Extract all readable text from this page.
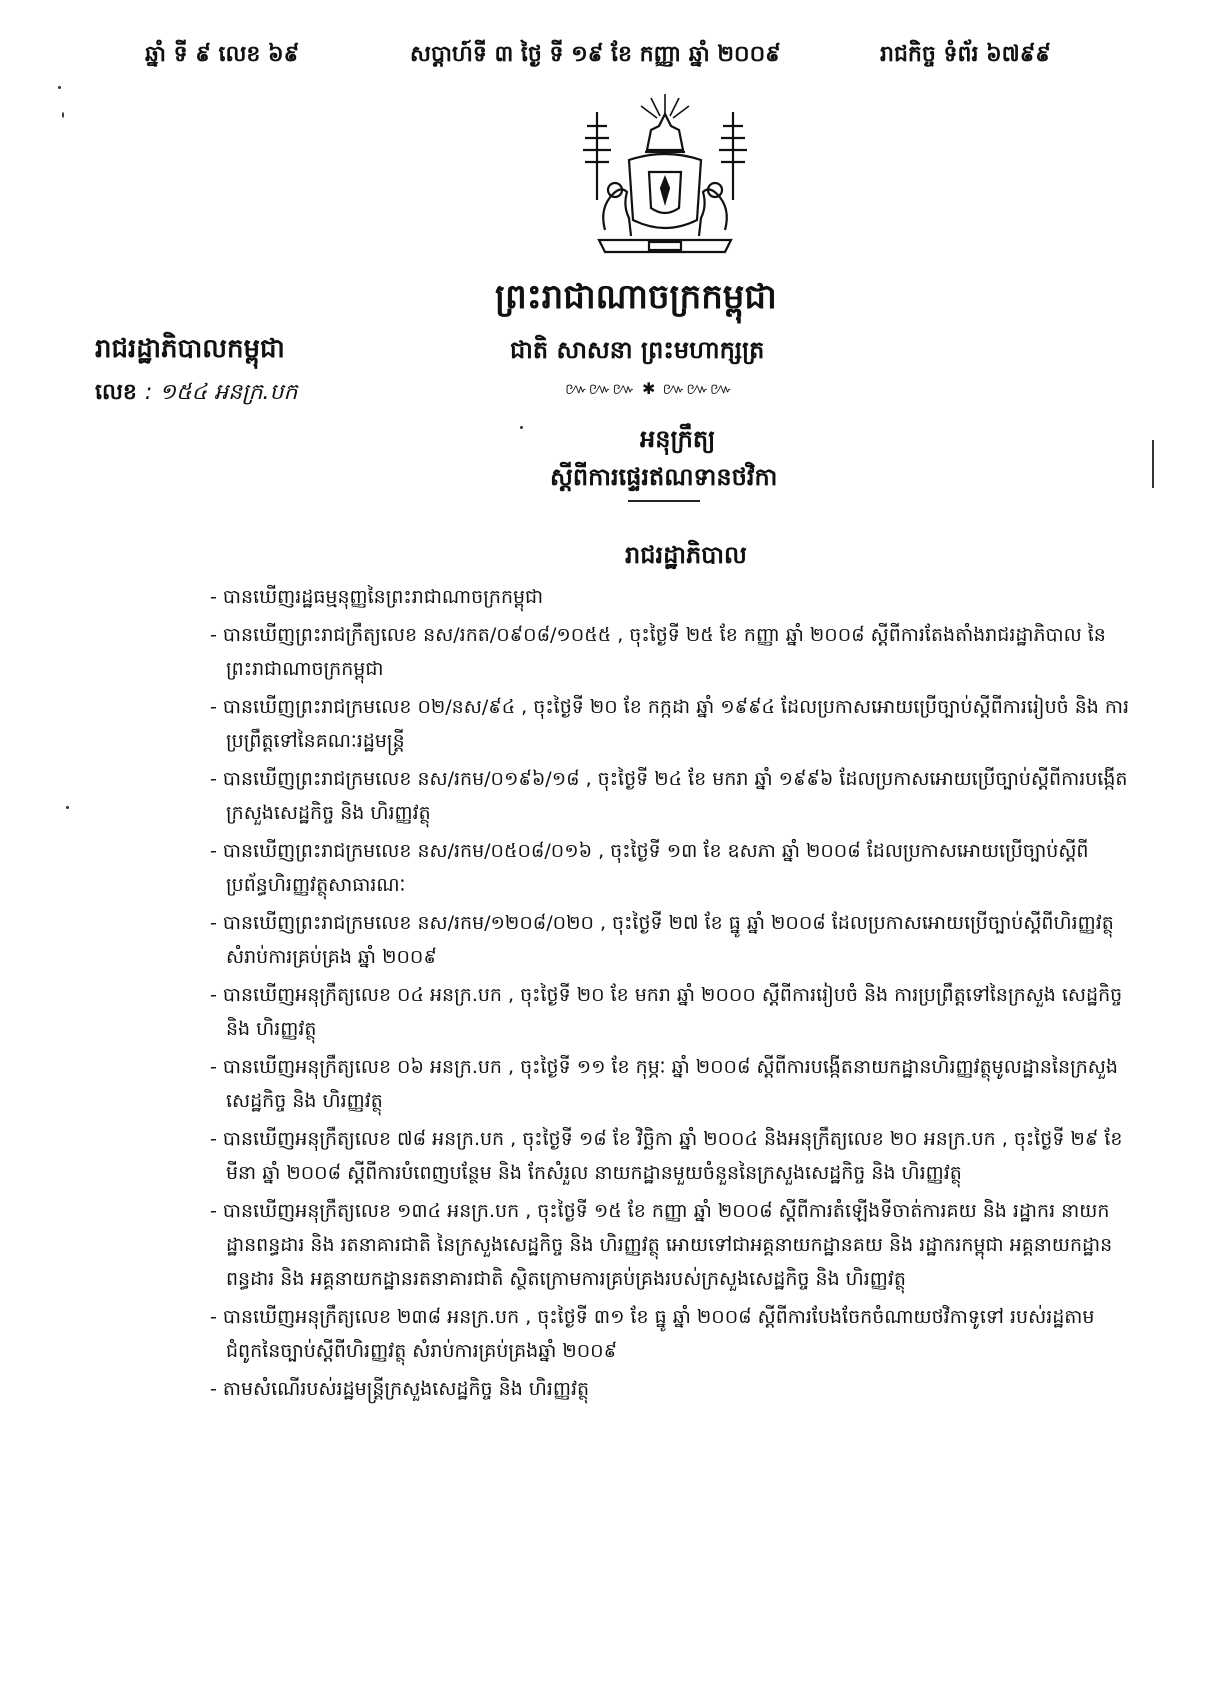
ឆ្នាំ ទី ៩ លេខ ៦៩	សប្តាហ៍ទី ៣ ថ្ងៃ ទី ១៩ ខែ កញ្ញា ឆ្នាំ ២០០៩	រាជកិច្ច ទំព័រ ៦៧៩៩
ព្រះរាជាណាចក្រកម្ពុជា
ជាតិ សាសនា ព្រះមហាក្សត្រ
៚៚៚ ✱ ៚៚៚
រាជរដ្ឋាភិបាលកម្ពុជា
លេខ : ១៥៤ អនក្រ.បក
អនុក្រឹត្យ
ស្តីពីការផ្ទេរឥណទានថវិកា
រាជរដ្ឋាភិបាល
- បានឃើញរដ្ឋធម្មនុញ្ញនៃព្រះរាជាណាចក្រកម្ពុជា
- បានឃើញព្រះរាជក្រឹត្យលេខ នស/រកត/០៩០៨/១០៥៥ , ចុះថ្ងៃទី ២៥ ខែ កញ្ញា ឆ្នាំ ២០០៨ ស្តីពីការតែងតាំងរាជរដ្ឋាភិបាល នៃព្រះរាជាណាចក្រកម្ពុជា
- បានឃើញព្រះរាជក្រមលេខ ០២/នស/៩៤ , ចុះថ្ងៃទី ២០ ខែ កក្កដា ឆ្នាំ ១៩៩៤ ដែលប្រកាសអោយប្រើច្បាប់ស្តីពីការរៀបចំ និង ការប្រព្រឹត្តទៅនៃគណៈរដ្ឋមន្ត្រី
- បានឃើញព្រះរាជក្រមលេខ នស/រកម/០១៩៦/១៨ , ចុះថ្ងៃទី ២៤ ខែ មករា ឆ្នាំ ១៩៩៦ ដែលប្រកាសអោយប្រើច្បាប់ស្តីពីការបង្កើតក្រសួងសេដ្ឋកិច្ច និង ហិរញ្ញវត្ថុ
- បានឃើញព្រះរាជក្រមលេខ នស/រកម/០៥០៨/០១៦ , ចុះថ្ងៃទី ១៣ ខែ ឧសភា ឆ្នាំ ២០០៨ ដែលប្រកាសអោយប្រើច្បាប់ស្តីពីប្រព័ន្ធហិរញ្ញវត្ថុសាធារណៈ
- បានឃើញព្រះរាជក្រមលេខ នស/រកម/១២០៨/០២០ , ចុះថ្ងៃទី ២៧ ខែ ធ្នូ ឆ្នាំ ២០០៨ ដែលប្រកាសអោយប្រើច្បាប់ស្តីពីហិរញ្ញវត្ថុ សំរាប់ការគ្រប់គ្រង ឆ្នាំ ២០០៩
- បានឃើញអនុក្រឹត្យលេខ ០៤ អនក្រ.បក , ចុះថ្ងៃទី ២០ ខែ មករា ឆ្នាំ ២០០០ ស្តីពីការរៀបចំ និង ការប្រព្រឹត្តទៅនៃក្រសួង សេដ្ឋកិច្ច និង ហិរញ្ញវត្ថុ
- បានឃើញអនុក្រឹត្យលេខ ០៦ អនក្រ.បក , ចុះថ្ងៃទី ១១ ខែ កុម្ភៈ ឆ្នាំ ២០០៨ ស្តីពីការបង្កើតនាយកដ្ឋានហិរញ្ញវត្ថុមូលដ្ឋាននៃក្រសួងសេដ្ឋកិច្ច និង ហិរញ្ញវត្ថុ
- បានឃើញអនុក្រឹត្យលេខ ៧៨ អនក្រ.បក , ចុះថ្ងៃទី ១៨ ខែ វិច្ឆិកា ឆ្នាំ ២០០៤ និងអនុក្រឹត្យលេខ ២០ អនក្រ.បក , ចុះថ្ងៃទី ២៩ ខែ មីនា ឆ្នាំ ២០០៨ ស្តីពីការបំពេញបន្ថែម និង កែសំរួល នាយកដ្ឋានមួយចំនួននៃក្រសួងសេដ្ឋកិច្ច និង ហិរញ្ញវត្ថុ
- បានឃើញអនុក្រឹត្យលេខ ១៣៤ អនក្រ.បក , ចុះថ្ងៃទី ១៥ ខែ កញ្ញា ឆ្នាំ ២០០៨ ស្តីពីការតំឡើងទីចាត់ការគយ និង រដ្ឋាករ នាយកដ្ឋានពន្ធដារ និង រតនាគារជាតិ នៃក្រសួងសេដ្ឋកិច្ច និង ហិរញ្ញវត្ថុ អោយទៅជាអគ្គនាយកដ្ឋានគយ និង រដ្ឋាករកម្ពុជា អគ្គនាយកដ្ឋានពន្ធដារ និង អគ្គនាយកដ្ឋានរតនាគារជាតិ ស្ថិតក្រោមការគ្រប់គ្រងរបស់ក្រសួងសេដ្ឋកិច្ច និង ហិរញ្ញវត្ថុ
- បានឃើញអនុក្រឹត្យលេខ ២៣៨ អនក្រ.បក , ចុះថ្ងៃទី ៣១ ខែ ធ្នូ ឆ្នាំ ២០០៨ ស្តីពីការបែងចែកចំណាយថវិកាទូទៅ របស់រដ្ឋតាមជំពូកនៃច្បាប់ស្តីពីហិរញ្ញវត្ថុ សំរាប់ការគ្រប់គ្រងឆ្នាំ ២០០៩
- តាមសំណើរបស់រដ្ឋមន្ត្រីក្រសួងសេដ្ឋកិច្ច និង ហិរញ្ញវត្ថុ
